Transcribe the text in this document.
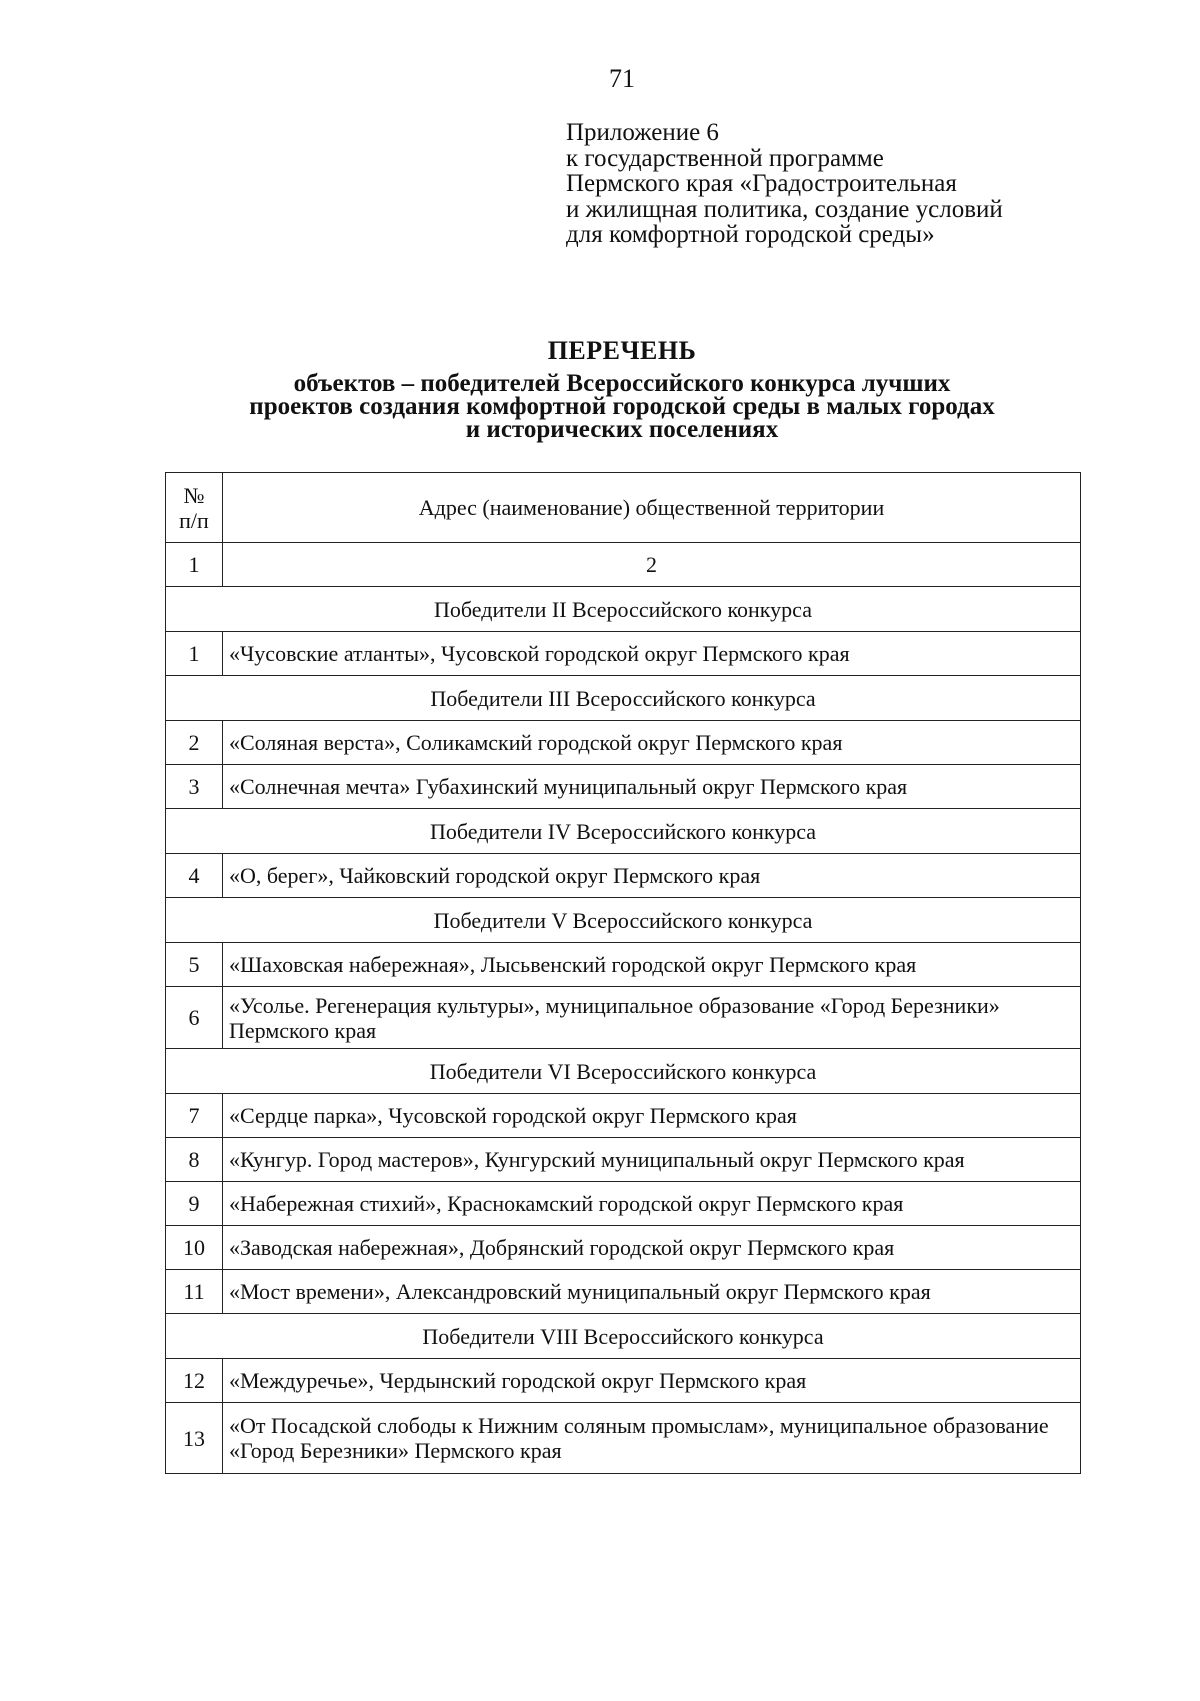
71
Приложение 6
к государственной программе
Пермского края «Градостроительная
и жилищная политика, создание условий
для комфортной городской среды»
ПЕРЕЧЕНЬ
объектов – победителей Всероссийского конкурса лучших
проектов создания комфортной городской среды в малых городах
и исторических поселениях
№ п/п	Адрес (наименование) общественной территории
1	2
Победители II Всероссийского конкурса	
1	«Чусовские атланты», Чусовской городской округ Пермского края
Победители III Всероссийского конкурса	
2	«Соляная верста», Соликамский городской округ Пермского края
3	«Солнечная мечта» Губахинский муниципальный округ Пермского края
Победители IV Всероссийского конкурса	
4	«О, берег», Чайковский городской округ Пермского края
Победители V Всероссийского конкурса	
5	«Шаховская набережная», Лысьвенский городской округ Пермского края
6	«Усолье. Регенерация культуры», муниципальное образование «Город Березники» Пермского края
Победители VI Всероссийского конкурса	
7	«Сердце парка», Чусовской городской округ Пермского края
8	«Кунгур. Город мастеров», Кунгурский муниципальный округ Пермского края
9	«Набережная стихий», Краснокамский городской округ Пермского края
10	«Заводская набережная», Добрянский городской округ Пермского края
11	«Мост времени», Александровский муниципальный округ Пермского края
Победители VIII Всероссийского конкурса	
12	«Междуречье», Чердынский городской округ Пермского края
13	«От Посадской слободы к Нижним соляным промыслам», муниципальное образование «Город Березники» Пермского края
